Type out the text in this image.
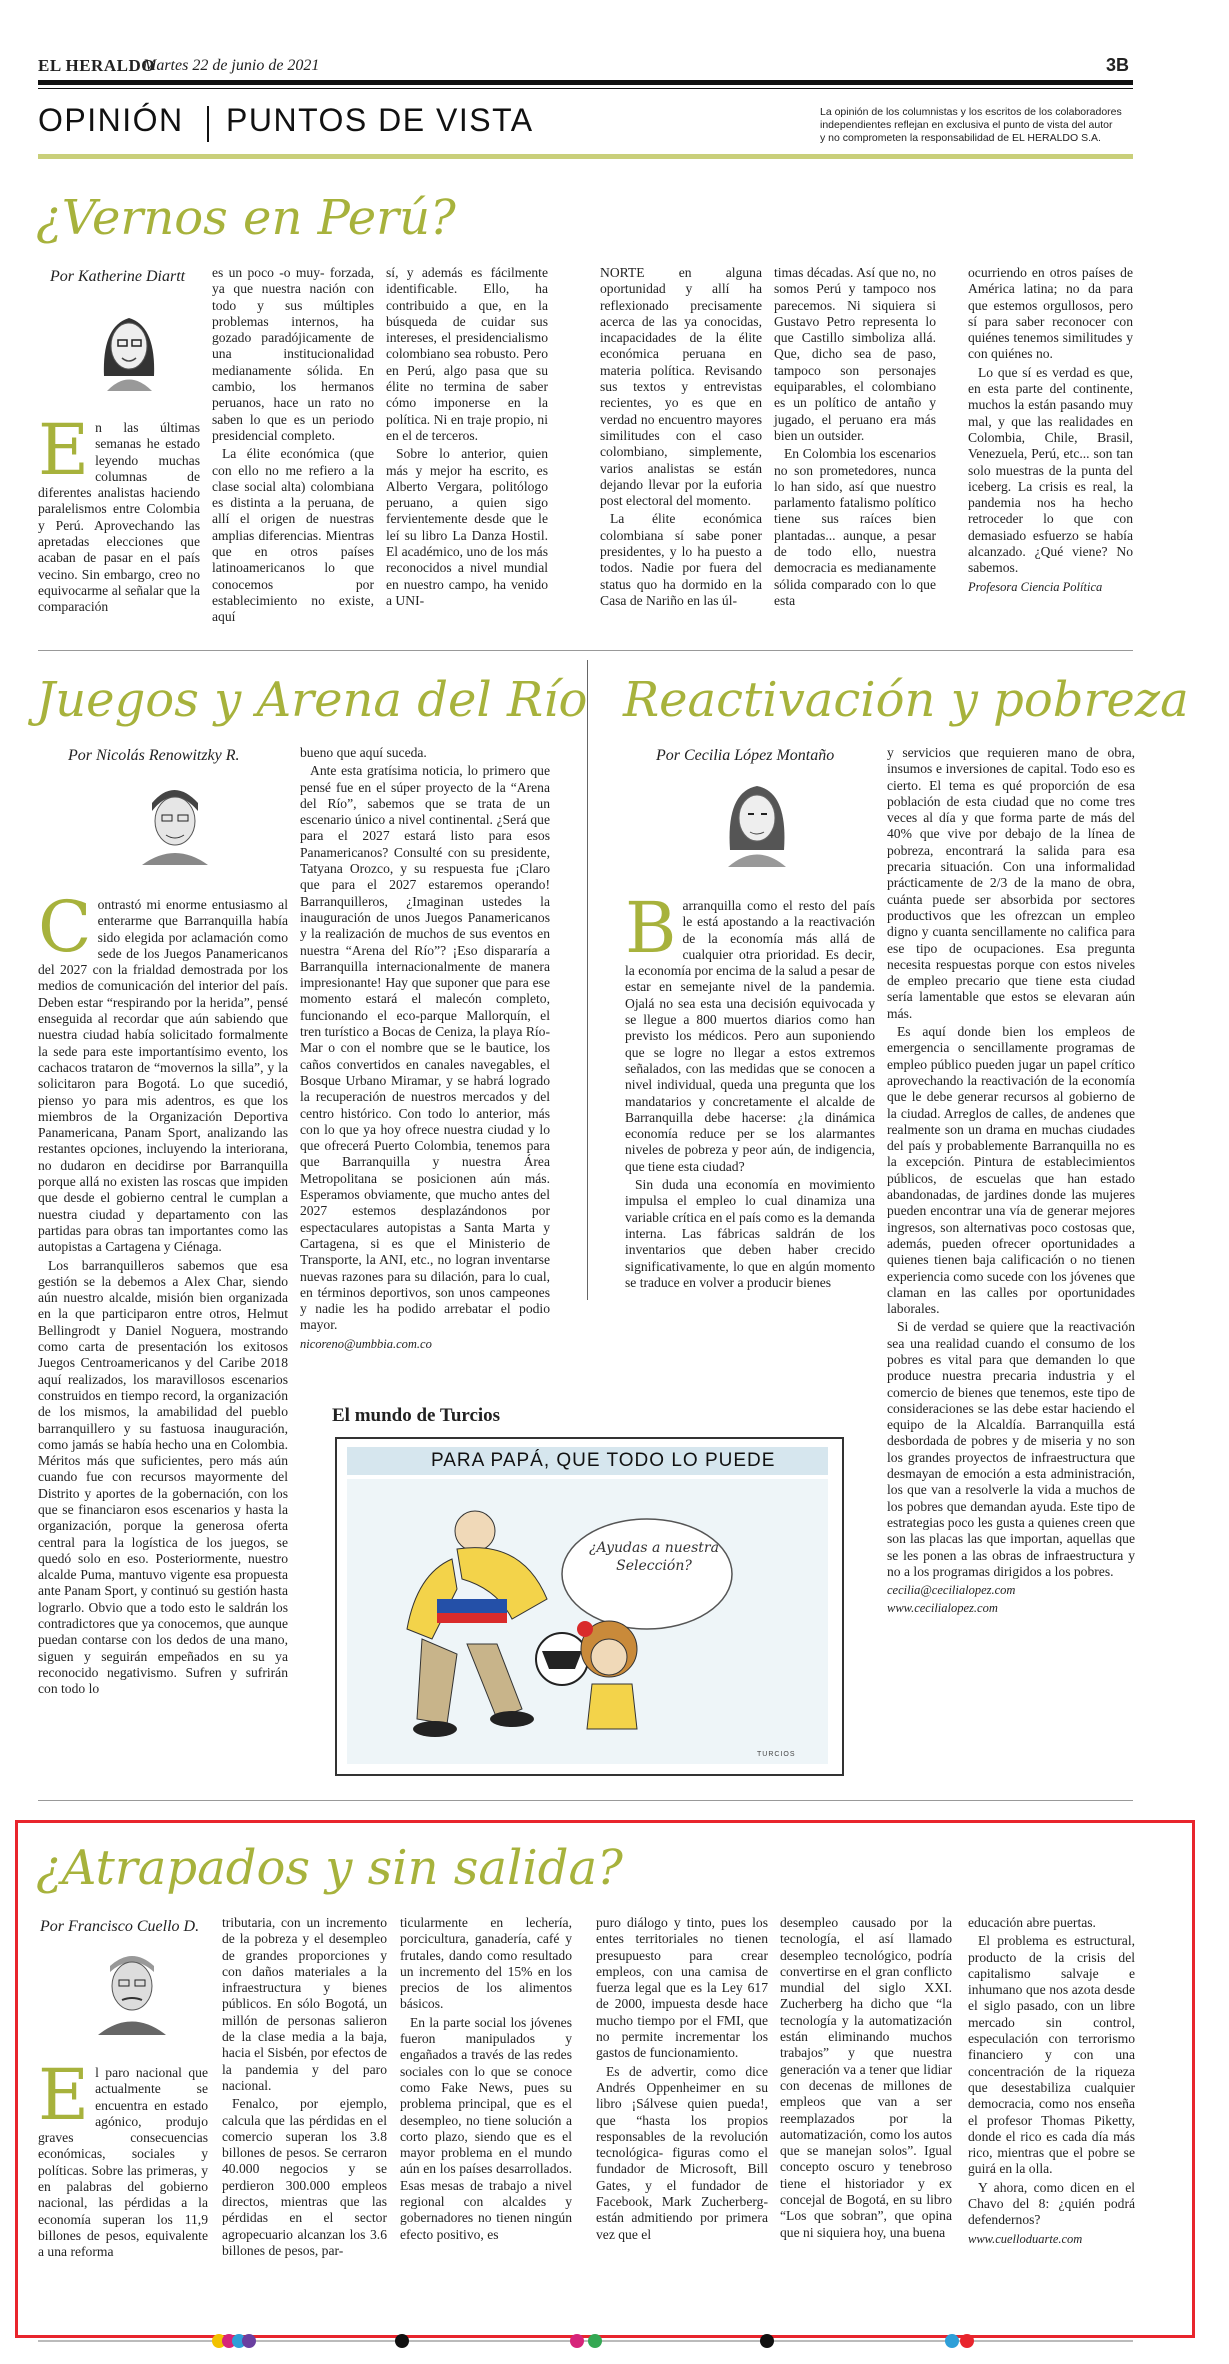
EL HERALDO
Martes 22 de junio de 2021	3B
OPINIÓN PUNTOS DE VISTA	La opinión de los columnistas y los escritos de los colaboradores
independientes reflejan en exclusiva el punto de vista del autor
y no comprometen la responsabilidad de EL HERALDO S.A.
¿Vernos en Perú?
Por Katherine Diartt
E n las últimas semanas he estado leyendo muchas columnas de diferentes analistas haciendo paralelismos entre Colombia y Perú. Aprovechando las apretadas elecciones que acaban de pasar en el país vecino. Sin embargo, creo no equivocarme al señalar que la comparación

es un poco -o muy- forzada, ya que nuestra nación con todo y sus múltiples problemas internos, ha gozado paradójicamente de una institucionalidad medianamente sólida. En cambio, los hermanos peruanos, hace un rato no saben lo que es un periodo presidencial completo.

La élite económica (que con ello no me refiero a la clase social alta) colombiana es distinta a la peruana, de allí el origen de nuestras amplias diferencias. Mientras que en otros países latinoamericanos lo que conocemos por establecimiento no existe, aquí

sí, y además es fácilmente identificable. Ello, ha contribuido a que, en la búsqueda de cuidar sus intereses, el presidencialismo colombiano sea robusto. Pero en Perú, algo pasa que su élite no termina de saber cómo imponerse en la política. Ni en traje propio, ni en el de terceros.

Sobre lo anterior, quien más y mejor ha escrito, es Alberto Vergara, politólogo peruano, a quien sigo fervientemente desde que le leí su libro La Danza Hostil. El académico, uno de los más reconocidos a nivel mundial en nuestro campo, ha venido a UNI-

NORTE en alguna oportunidad y allí ha reflexionado precisamente acerca de las ya conocidas, incapacidades de la élite económica peruana en materia política. Revisando sus textos y entrevistas recientes, yo es que en verdad no encuentro mayores similitudes con el caso colombiano, simplemente, varios analistas se están dejando llevar por la euforia post electoral del momento.

La élite económica colombiana sí sabe poner presidentes, y lo ha puesto a todos. Nadie por fuera del status quo ha dormido en la Casa de Nariño en las úl-

timas décadas. Así que no, no somos Perú y tampoco nos parecemos. Ni siquiera si Gustavo Petro representa lo que Castillo simboliza allá. Que, dicho sea de paso, tampoco son personajes equiparables, el colombiano es un político de antaño y jugado, el peruano era más bien un outsider.

En Colombia los escenarios no son prometedores, nunca lo han sido, así que nuestro parlamento fatalismo político tiene sus raíces bien plantadas... aunque, a pesar de todo ello, nuestra democracia es medianamente sólida comparado con lo que esta

ocurriendo en otros países de América latina; no da para que estemos orgullosos, pero sí para saber reconocer con quiénes tenemos similitudes y con quiénes no.

Lo que sí es verdad es que, en esta parte del continente, muchos la están pasando muy mal, y que las realidades en Colombia, Chile, Brasil, Venezuela, Perú, etc... son tan solo muestras de la punta del iceberg. La crisis es real, la pandemia nos ha hecho retroceder lo que con demasiado esfuerzo se había alcanzado. ¿Qué viene? No sabemos.

Profesora Ciencia Política

Juegos y Arena del Río
Por Nicolás Renowitzky R.
C ontrastó mi enorme entusiasmo al enterarme que Barranquilla había sido elegida por aclamación como sede de los Juegos Panamericanos del 2027 con la frialdad demostrada por los medios de comunicación del interior del país. Deben estar “respirando por la herida”, pensé enseguida al recordar que aún sabiendo que nuestra ciudad había solicitado formalmente la sede para este importantísimo evento, los cachacos trataron de “movernos la silla”, y la solicitaron para Bogotá. Lo que sucedió, pienso yo para mis adentros, es que los miembros de la Organización Deportiva Panamericana, Panam Sport, analizando las restantes opciones, incluyendo la interiorana, no dudaron en decidirse por Barranquilla porque allá no existen las roscas que impiden que desde el gobierno central le cumplan a nuestra ciudad y departamento con las partidas para obras tan importantes como las autopistas a Cartagena y Ciénaga.

Los barranquilleros sabemos que esa gestión se la debemos a Alex Char, siendo aún nuestro alcalde, misión bien organizada en la que participaron entre otros, Helmut Bellingrodt y Daniel Noguera, mostrando como carta de presentación los exitosos Juegos Centroamericanos y del Caribe 2018 aquí realizados, los maravillosos escenarios construidos en tiempo record, la organización de los mismos, la amabilidad del pueblo barranquillero y su fastuosa inauguración, como jamás se había hecho una en Colombia. Méritos más que suficientes, pero más aún cuando fue con recursos mayormente del Distrito y aportes de la gobernación, con los que se financiaron esos escenarios y hasta la organización, porque la generosa oferta central para la logística de los juegos, se quedó solo en eso. Posteriormente, nuestro alcalde Puma, mantuvo vigente esa propuesta ante Panam Sport, y continuó su gestión hasta lograrlo. Obvio que a todo esto le saldrán los contradictores que ya conocemos, que aunque puedan contarse con los dedos de una mano, siguen y seguirán empeñados en su ya reconocido negativismo. Sufren y sufrirán con todo lo

bueno que aquí suceda.

Ante esta gratísima noticia, lo primero que pensé fue en el súper proyecto de la “Arena del Río”, sabemos que se trata de un escenario único a nivel continental. ¿Será que para el 2027 estará listo para esos Panamericanos? Consulté con su presidente, Tatyana Orozco, y su respuesta fue ¡Claro que para el 2027 estaremos operando! Barranquilleros, ¿Imaginan ustedes la inauguración de unos Juegos Panamericanos y la realización de muchos de sus eventos en nuestra “Arena del Río”? ¡Eso dispararía a Barranquilla internacionalmente de manera impresionante! Hay que suponer que para ese momento estará el malecón completo, funcionando el eco-parque Mallorquín, el tren turístico a Bocas de Ceniza, la playa Río-Mar o con el nombre que se le bautice, los caños convertidos en canales navegables, el Bosque Urbano Miramar, y se habrá logrado la recuperación de nuestros mercados y del centro histórico. Con todo lo anterior, más con lo que ya hoy ofrece nuestra ciudad y lo que ofrecerá Puerto Colombia, tenemos para que Barranquilla y nuestra Área Metropolitana se posicionen aún más. Esperamos obviamente, que mucho antes del 2027 estemos desplazándonos por espectaculares autopistas a Santa Marta y Cartagena, si es que el Ministerio de Transporte, la ANI, etc., no logran inventarse nuevas razones para su dilación, para lo cual, en términos deportivos, son unos campeones y nadie les ha podido arrebatar el podio mayor.

nicoreno@umbbia.com.co

Reactivación y pobreza
Por Cecilia López Montaño
B arranquilla como el resto del país le está apostando a la reactivación de la economía más allá de cualquier otra prioridad. Es decir, la economía por encima de la salud a pesar de estar en semejante nivel de la pandemia. Ojalá no sea esta una decisión equivocada y se llegue a 800 muertos diarios como han previsto los médicos. Pero aun suponiendo que se logre no llegar a estos extremos señalados, con las medidas que se conocen a nivel individual, queda una pregunta que los mandatarios y concretamente el alcalde de Barranquilla debe hacerse: ¿la dinámica economía reduce per se los alarmantes niveles de pobreza y peor aún, de indigencia, que tiene esta ciudad?

Sin duda una economía en movimiento impulsa el empleo lo cual dinamiza una variable crítica en el país como es la demanda interna. Las fábricas saldrán de los inventarios que deben haber crecido significativamente, lo que en algún momento se traduce en volver a producir bienes

y servicios que requieren mano de obra, insumos e inversiones de capital. Todo eso es cierto. El tema es qué proporción de esa población de esta ciudad que no come tres veces al día y que forma parte de más del 40% que vive por debajo de la línea de pobreza, encontrará la salida para esa precaria situación. Con una informalidad prácticamente de 2/3 de la mano de obra, cuánta puede ser absorbida por sectores productivos que les ofrezcan un empleo digno y cuanta sencillamente no califica para ese tipo de ocupaciones. Esa pregunta necesita respuestas porque con estos niveles de empleo precario que tiene esta ciudad sería lamentable que estos se elevaran aún más.

Es aquí donde bien los empleos de emergencia o sencillamente programas de empleo público pueden jugar un papel crítico aprovechando la reactivación de la economía que le debe generar recursos al gobierno de la ciudad. Arreglos de calles, de andenes que realmente son un drama en muchas ciudades del país y probablemente Barranquilla no es la excepción. Pintura de establecimientos públicos, de escuelas que han estado abandonadas, de jardines donde las mujeres pueden encontrar una vía de generar mejores ingresos, son alternativas poco costosas que, además, pueden ofrecer oportunidades a quienes tienen baja calificación o no tienen experiencia como sucede con los jóvenes que claman en las calles por oportunidades laborales.

Si de verdad se quiere que la reactivación sea una realidad cuando el consumo de los pobres es vital para que demanden lo que produce nuestra precaria industria y el comercio de bienes que tenemos, este tipo de consideraciones se las debe estar haciendo el equipo de la Alcaldía. Barranquilla está desbordada de pobres y de miseria y no son los grandes proyectos de infraestructura que desmayan de emoción a esta administración, los que van a resolverle la vida a muchos de los pobres que demandan ayuda. Este tipo de estrategias poco les gusta a quienes creen que son las placas las que importan, aquellas que se les ponen a las obras de infraestructura y no a los programas dirigidos a los pobres.

cecilia@cecilialopez.com

www.cecilialopez.com

El mundo de Turcios
PARA PAPÁ, QUE TODO LO PUEDE
¿Ayudas a nuestra Selección?
TURCIOS
¿Atrapados y sin salida?
Por Francisco Cuello D.
E l paro nacional que actualmente se encuentra en estado agónico, produjo graves consecuencias económicas, sociales y políticas. Sobre las primeras, y en palabras del gobierno nacional, las pérdidas a la economía superan los 11,9 billones de pesos, equivalente a una reforma

tributaria, con un incremento de la pobreza y el desempleo de grandes proporciones y con daños materiales a la infraestructura y bienes públicos. En sólo Bogotá, un millón de personas salieron de la clase media a la baja, hacia el Sisbén, por efectos de la pandemia y del paro nacional.

Fenalco, por ejemplo, calcula que las pérdidas en el comercio superan los 3.8 billones de pesos. Se cerraron 40.000 negocios y se perdieron 300.000 empleos directos, mientras que las pérdidas en el sector agropecuario alcanzan los 3.6 billones de pesos, par-

ticularmente en lechería, porcicultura, ganadería, café y frutales, dando como resultado un incremento del 15% en los precios de los alimentos básicos.

En la parte social los jóvenes fueron manipulados y engañados a través de las redes sociales con lo que se conoce como Fake News, pues su problema principal, que es el desempleo, no tiene solución a corto plazo, siendo que es el mayor problema en el mundo aún en los países desarrollados. Esas mesas de trabajo a nivel regional con alcaldes y gobernadores no tienen ningún efecto positivo, es

puro diálogo y tinto, pues los entes territoriales no tienen presupuesto para crear empleos, con una camisa de fuerza legal que es la Ley 617 de 2000, impuesta desde hace mucho tiempo por el FMI, que no permite incrementar los gastos de funcionamiento.

Es de advertir, como dice Andrés Oppenheimer en su libro ¡Sálvese quien pueda!, que “hasta los propios responsables de la revolución tecnológica- figuras como el fundador de Microsoft, Bill Gates, y el fundador de Facebook, Mark Zucherberg- están admitiendo por primera vez que el

desempleo causado por la tecnología, el así llamado desempleo tecnológico, podría convertirse en el gran conflicto mundial del siglo XXI. Zucherberg ha dicho que “la tecnología y la automatización están eliminando muchos trabajos” y que nuestra generación va a tener que lidiar con decenas de millones de empleos que van a ser reemplazados por la automatización, como los autos que se manejan solos”. Igual concepto oscuro y tenebroso tiene el historiador y ex concejal de Bogotá, en su libro “Los que sobran”, que opina que ni siquiera hoy, una buena

educación abre puertas.

El problema es estructural, producto de la crisis del capitalismo salvaje e inhumano que nos azota desde el siglo pasado, con un libre mercado sin control, especulación con terrorismo financiero y con una concentración de la riqueza que desestabiliza cualquier democracia, como nos enseña el profesor Thomas Piketty, donde el rico es cada día más rico, mientras que el pobre se guirá en la olla.

Y ahora, como dicen en el Chavo del 8: ¿quién podrá defendernos?

www.cuelloduarte.com
